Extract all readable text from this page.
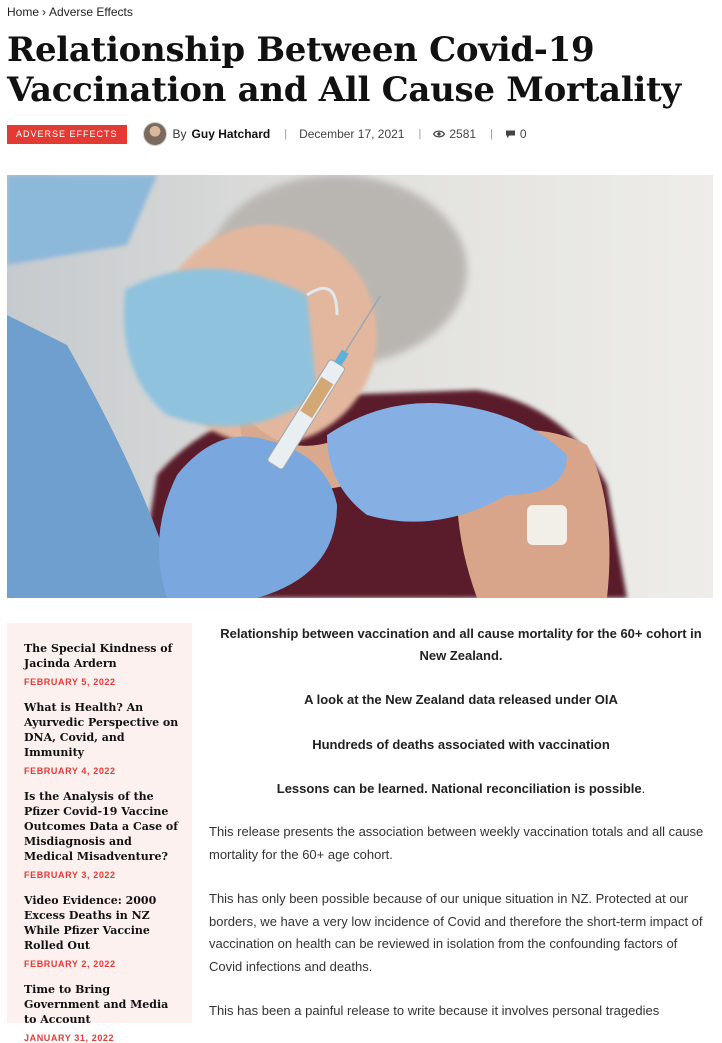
Home › Adverse Effects
Relationship Between Covid-19 Vaccination and All Cause Mortality
ADVERSE EFFECTS	By Guy Hatchard | December 17, 2021 | 2581 | 0
The Special Kindness of Jacinda Ardern
FEBRUARY 5, 2022
What is Health? An Ayurvedic Perspective on DNA, Covid, and Immunity
FEBRUARY 4, 2022
Is the Analysis of the Pfizer Covid-19 Vaccine Outcomes Data a Case of Misdiagnosis and Medical Misadventure?
FEBRUARY 3, 2022
Video Evidence: 2000 Excess Deaths in NZ While Pfizer Vaccine Rolled Out
FEBRUARY 2, 2022
Time to Bring Government and Media to Account
JANUARY 31, 2022

Relationship between vaccination and all cause mortality for the 60+ cohort in New Zealand.

A look at the New Zealand data released under OIA

Hundreds of deaths associated with vaccination

Lessons can be learned. National reconciliation is possible.

This release presents the association between weekly vaccination totals and all cause mortality for the 60+ age cohort.

This has only been possible because of our unique situation in NZ. Protected at our borders, we have a very low incidence of Covid and therefore the short-term impact of vaccination on health can be reviewed in isolation from the confounding factors of Covid infections and deaths.

This has been a painful release to write because it involves personal tragedies
